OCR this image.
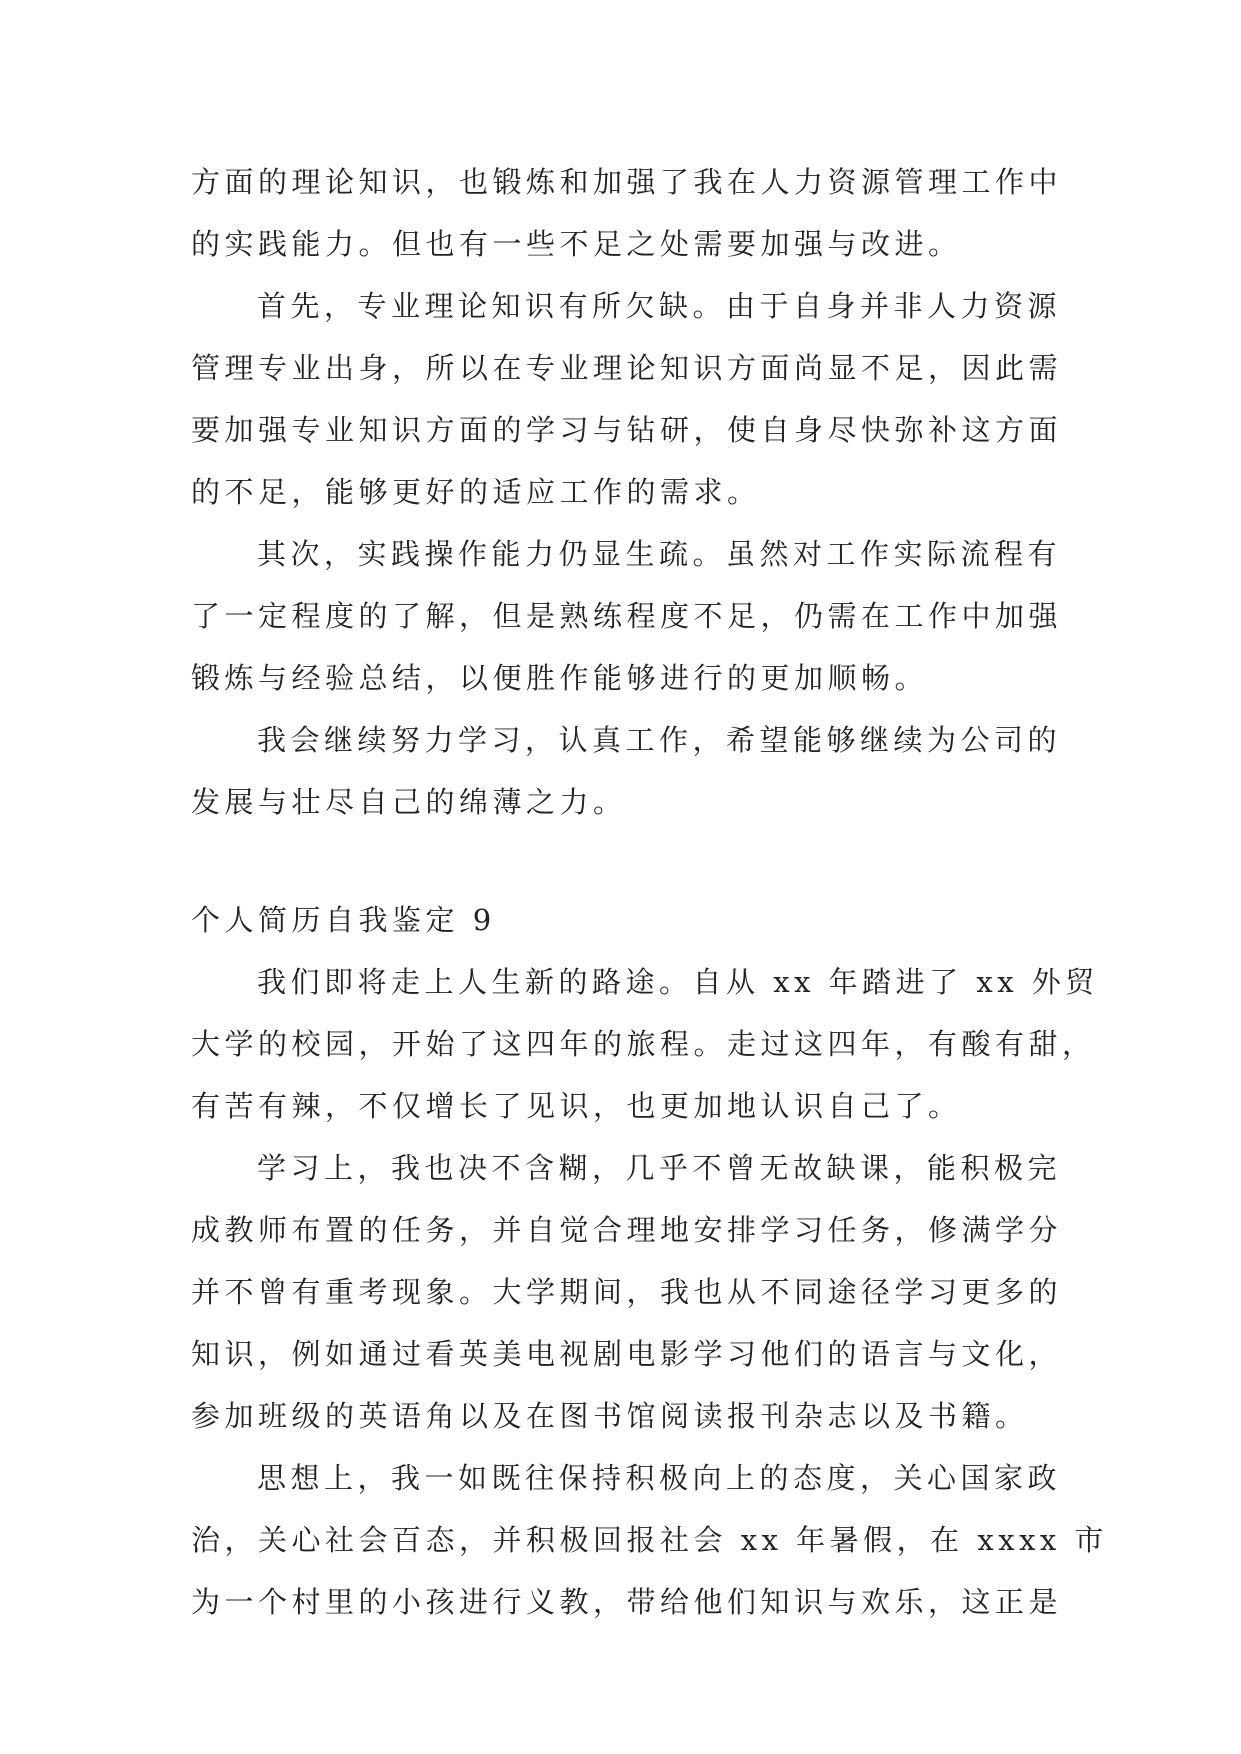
方面的理论知识，也锻炼和加强了我在人力资源管理工作中
的实践能力。但也有一些不足之处需要加强与改进。
首先，专业理论知识有所欠缺。由于自身并非人力资源
管理专业出身，所以在专业理论知识方面尚显不足，因此需
要加强专业知识方面的学习与钻研，使自身尽快弥补这方面
的不足，能够更好的适应工作的需求。
其次，实践操作能力仍显生疏。虽然对工作实际流程有
了一定程度的了解，但是熟练程度不足，仍需在工作中加强
锻炼与经验总结，以便胜作能够进行的更加顺畅。
我会继续努力学习，认真工作，希望能够继续为公司的
发展与壮尽自己的绵薄之力。
个人简历自我鉴定 9
我们即将走上人生新的路途。自从 xx 年踏进了 xx 外贸
大学的校园，开始了这四年的旅程。走过这四年，有酸有甜，
有苦有辣，不仅增长了见识，也更加地认识自己了。
学习上，我也决不含糊，几乎不曾无故缺课，能积极完
成教师布置的任务，并自觉合理地安排学习任务，修满学分
并不曾有重考现象。大学期间，我也从不同途径学习更多的
知识，例如通过看英美电视剧电影学习他们的语言与文化，
参加班级的英语角以及在图书馆阅读报刊杂志以及书籍。
思想上，我一如既往保持积极向上的态度，关心国家政
治，关心社会百态，并积极回报社会 xx 年暑假，在 xxxx 市
为一个村里的小孩进行义教，带给他们知识与欢乐，这正是
